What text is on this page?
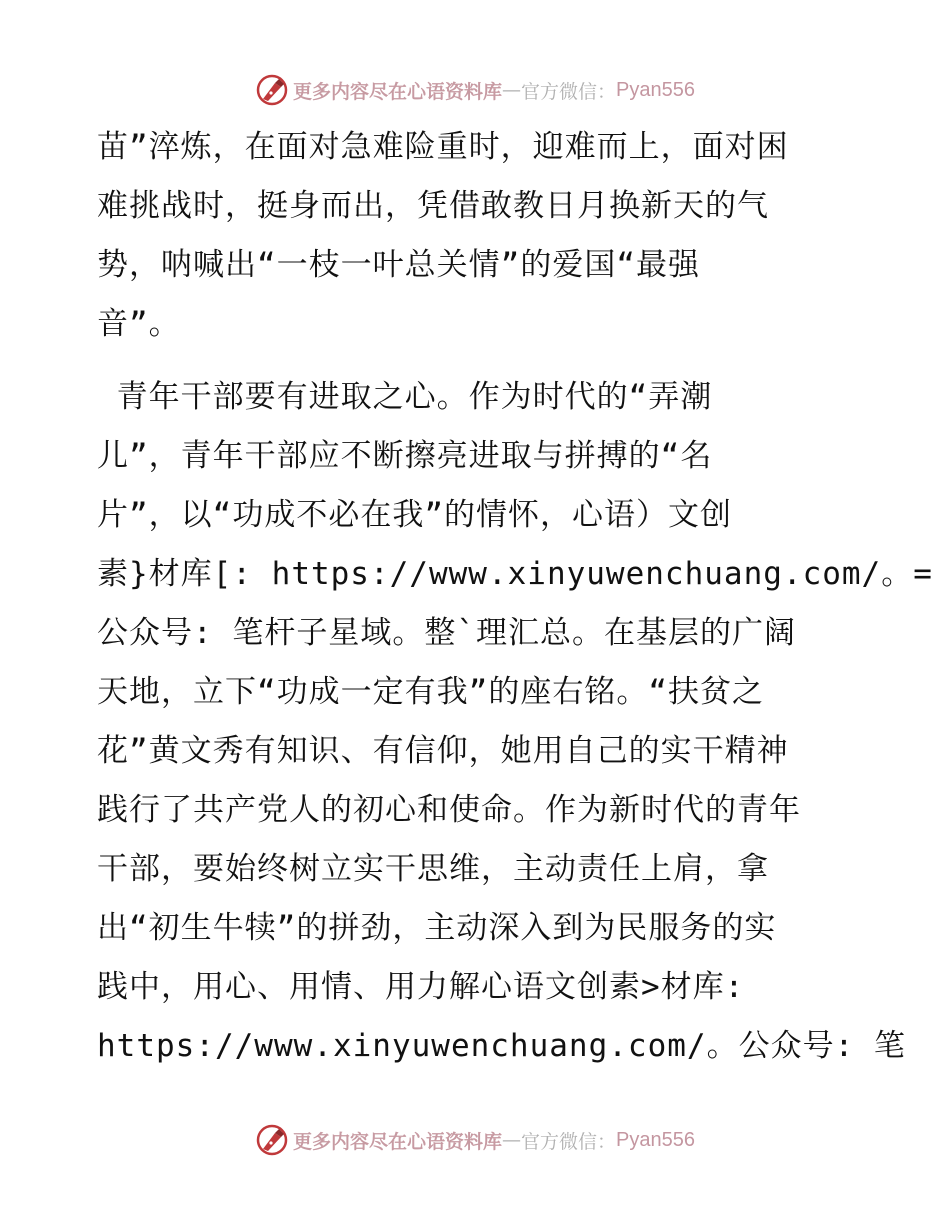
更多内容尽在心语资料库 — 官方微信： Pyan556
苗”淬炼，在面对急难险重时，迎难而上，面对困
难挑战时，挺身而出，凭借敢教日月换新天的气
势，呐喊出“一枝一叶总关情”的爱国“最强
音”。
青年干部要有进取之心。作为时代的“弄潮
儿”，青年干部应不断擦亮进取与拼搏的“名
片”，以“功成不必在我”的情怀，心语）文创
素}材库[: https://www.xinyuwenchuang.com/。=
公众号: 笔杆子星域。整`理汇总。在基层的广阔
天地，立下“功成一定有我”的座右铭。“扶贫之
花”黄文秀有知识、有信仰，她用自己的实干精神
践行了共产党人的初心和使命。作为新时代的青年
干部，要始终树立实干思维，主动责任上肩，拿
出“初生牛犊”的拼劲，主动深入到为民服务的实
践中，用心、用情、用力解心语文创素>材库:
https://www.xinyuwenchuang.com/。公众号: 笔
更多内容尽在心语资料库 — 官方微信： Pyan556
